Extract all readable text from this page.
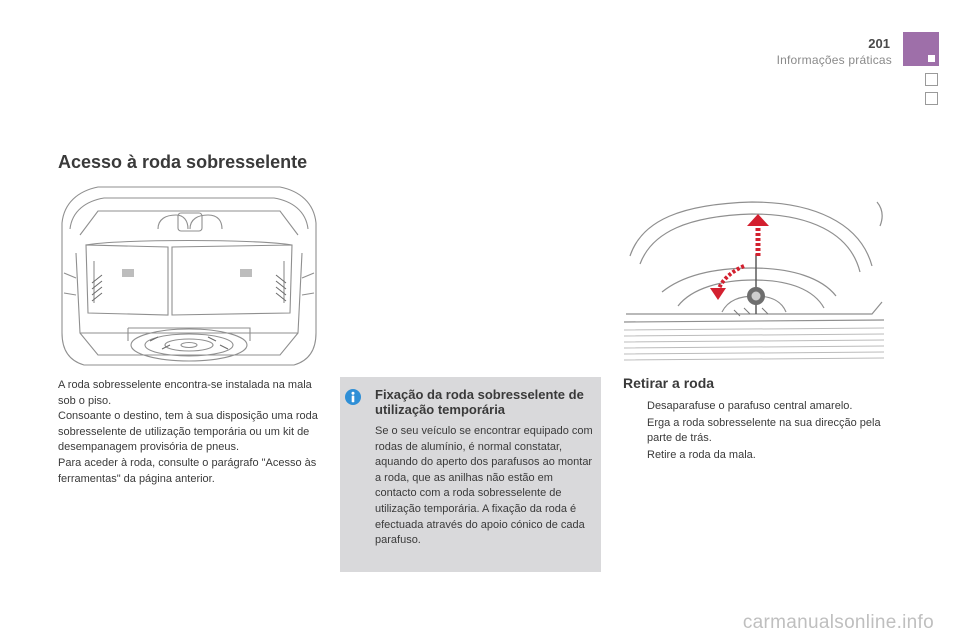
201
Informações práticas
Acesso à roda sobresselente

A roda sobresselente encontra-se instalada na mala sob o piso.

Consoante o destino, tem à sua disposição uma roda sobresselente de utilização temporária ou um kit de desempanagem provisória de pneus.

Para aceder à roda, consulte o parágrafo "Acesso às ferramentas" da página anterior.

Fixação da roda sobresselente de utilização temporária

Se o seu veículo se encontrar equipado com rodas de alumínio, é normal constatar, aquando do aperto dos parafusos ao montar a roda, que as anilhas não estão em contacto com a roda sobresselente de utilização temporária. A fixação da roda é efectuada através do apoio cónico de cada parafuso.

Retirar a roda
Desaparafuse o parafuso central amarelo.
Erga a roda sobresselente na sua direcção pela parte de trás.
Retire a roda da mala.
carmanualsonline.info
